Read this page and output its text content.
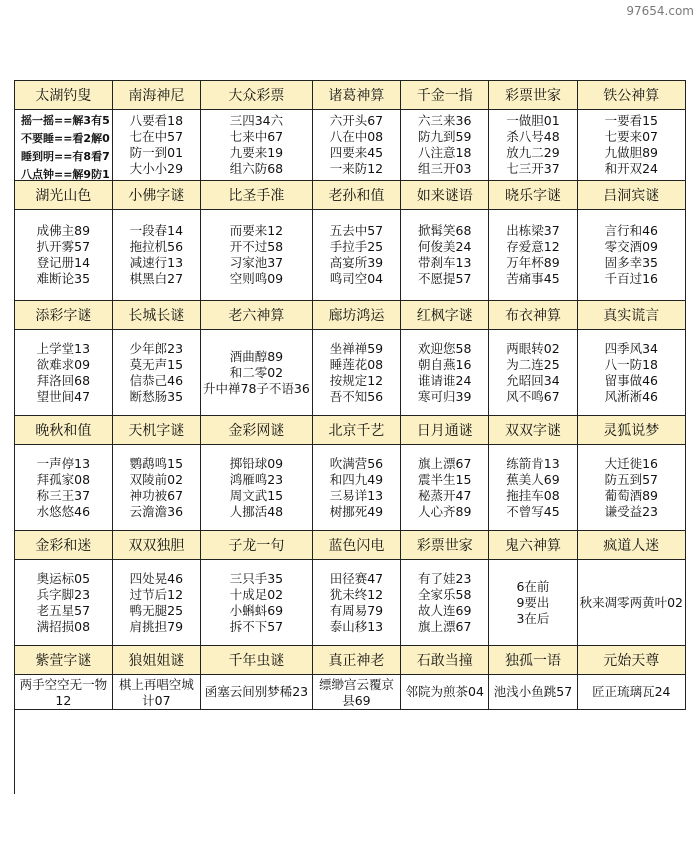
97654.com
太湖钓叟
摇一摇==解3有5
不要睡==看2解0
睡到明==有8看7
八点钟==解9防1
南海神尼
八要看18
七在中57
防一到01
大小小29
大众彩票
三四34六
七来中67
九要来19
组六防68
诸葛神算
六开头67
八在中08
四要来45
一来防12
千金一指
六三来36
防九到59
八注意18
组三开03
彩票世家
一做胆01
杀八号48
放九二29
七三开37
铁公神算
一要看15
七要来07
九做胆89
和开双24
湖光山色
成佛主89
扒开雾57
登记册14
难断论35
小佛字谜
一段春14
拖拉机56
减速行13
棋黑白27
比圣手准
而要来12
开不过58
习家池37
空则鸣09
老孙和值
五去中57
手拉手25
高宴所39
鸣司空04
如来谜语
掀髯笑68
何俊美24
带刹车13
不愿提57
晓乐字谜
出栋梁37
存爱意12
万年杯89
苦痛事45
吕洞宾谜
言行和46
零交酒09
固多幸35
千百过16
添彩字谜
上学堂13
欲难求09
拜洛回68
望世间47
长城长谜
少年郎23
莫无声15
信恭己46
断愁肠35
老六神算
酒曲醇89
和二零02
升中禅78子不语36
廊坊鸿运
坐禅禅59
睡莲花08
按规定12
吾不知56
红枫字谜
欢迎您58
朝自燕16
谁请谁24
寒可归39
布衣神算
两眼转02
为二连25
允昭回34
风不鸣67
真实谎言
四季风34
八一防18
留事做46
风淅淅46
晚秋和值
一声停13
拜孤家08
称三王37
水悠悠46
天机字谜
鹦鹉鸣15
双陵前02
神功被67
云澹澹36
金彩网谜
掷铅球09
鸿雁鸣23
周文武15
人挪活48
北京千艺
吹满营56
和四九49
三易详13
树挪死49
日月通谜
旗上漂67
震半生15
秘蒸开47
人心齐89
双双字谜
练箭肯13
蕉美人69
拖挂车08
不曾写45
灵狐说梦
大迁徙16
防五到57
葡萄酒89
谦受益23
金彩和迷
奥运标05
兵字脚23
老五星57
满招损08
双双独胆
四处晃46
过节后12
鸭无腿25
肩挑担79
子龙一句
三只手35
十成足02
小蝌蚪69
拆不下57
蓝色闪电
田径赛47
犹未终12
有周易79
泰山移13
彩票世家
有了娃23
全家乐58
故人连69
旗上漂67
鬼六神算
6在前
9要出
3在后
疯道人迷
秋来凋零两黄叶02
紫萱字谜
两手空空无一物12
狼姐姐谜
棋上再唱空城计07
千年虫谜
函塞云间别梦稀23
真正神老
缥缈宫云覆京县69
石敢当撞
邻院为煎茶04
独孤一语
池浅小鱼跳57
元始天尊
匠正琉璃瓦24
